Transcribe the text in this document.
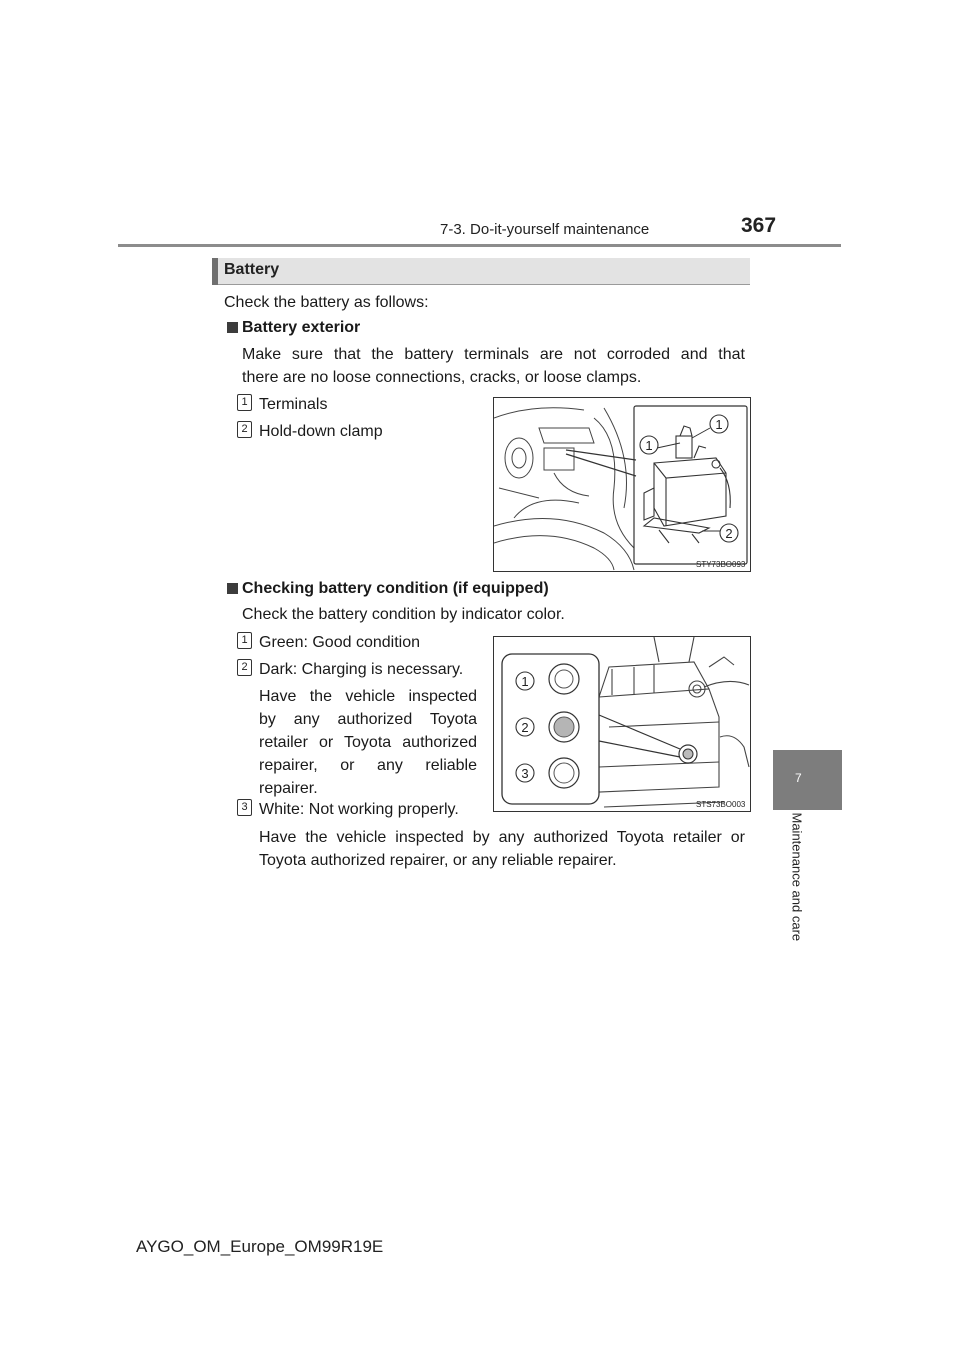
7-3. Do-it-yourself maintenance	367
7
Maintenance and care
Battery
Check the battery as follows:
Battery exterior
Make sure that the battery terminals are not corroded and that
there are no loose connections, cracks, or loose clamps.
1 Terminals
2 Hold-down clamp
1
1
2
STY73BO093
Checking battery condition (if equipped)
Check the battery condition by indicator color.
1 Green: Good condition
2 Dark: Charging is necessary.
Have the vehicle inspected
by any authorized Toyota
retailer or Toyota authorized
repairer, or any reliable
repairer.
3 White: Not working properly.
Have the vehicle inspected by any authorized Toyota retailer or
Toyota authorized repairer, or any reliable repairer.
1
2
3
STS73BO003
AYGO_OM_Europe_OM99R19E
